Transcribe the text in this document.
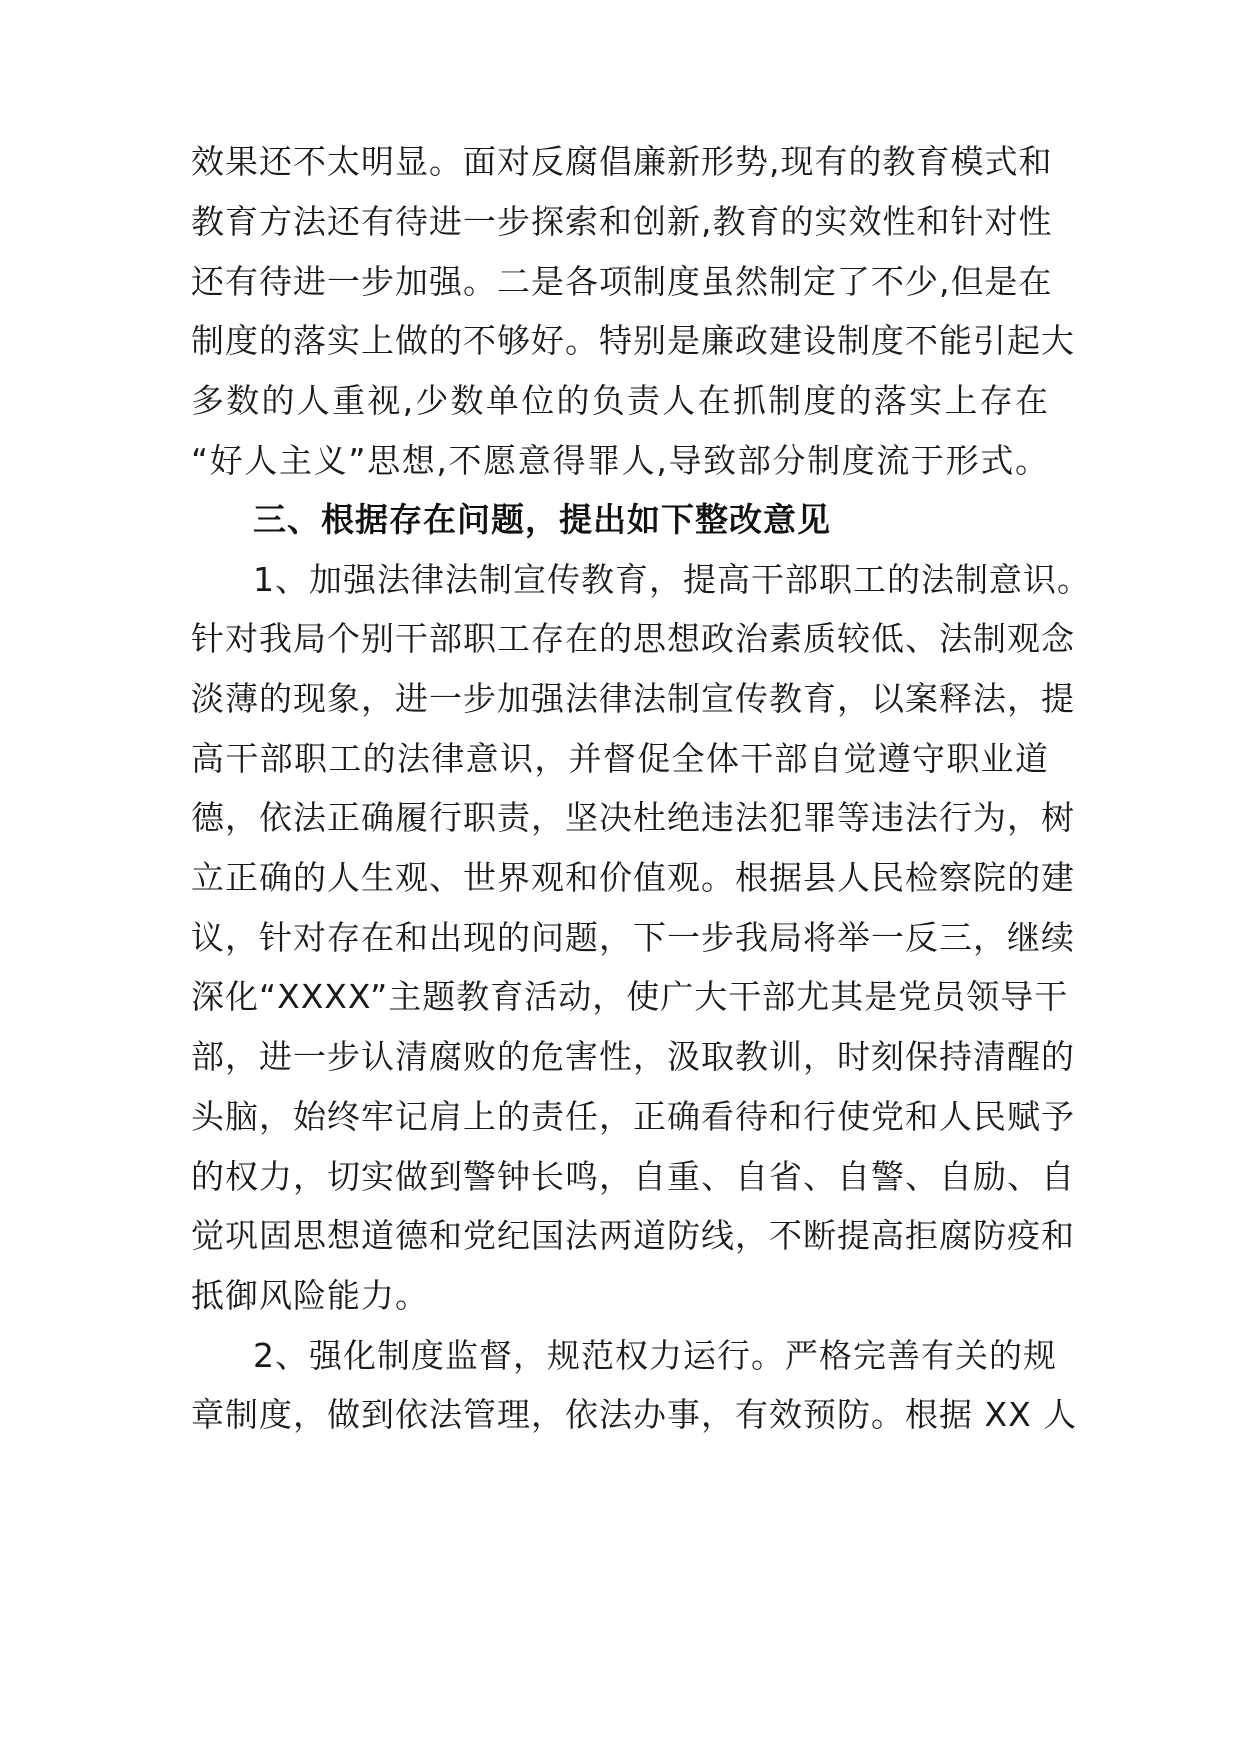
效果还不太明显。面对反腐倡廉新形势,现有的教育模式和
教育方法还有待进一步探索和创新,教育的实效性和针对性
还有待进一步加强。二是各项制度虽然制定了不少,但是在
制度的落实上做的不够好。特别是廉政建设制度不能引起大
多数的人重视,少数单位的负责人在抓制度的落实上存在
“好人主义”思想,不愿意得罪人,导致部分制度流于形式。
三、根据存在问题，提出如下整改意见
1、加强法律法制宣传教育，提高干部职工的法制意识。
针对我局个别干部职工存在的思想政治素质较低、法制观念
淡薄的现象，进一步加强法律法制宣传教育，以案释法，提
高干部职工的法律意识，并督促全体干部自觉遵守职业道
德，依法正确履行职责，坚决杜绝违法犯罪等违法行为，树
立正确的人生观、世界观和价值观。根据县人民检察院的建
议，针对存在和出现的问题，下一步我局将举一反三，继续
深化“XXXX”主题教育活动，使广大干部尤其是党员领导干
部，进一步认清腐败的危害性，汲取教训，时刻保持清醒的
头脑，始终牢记肩上的责任，正确看待和行使党和人民赋予
的权力，切实做到警钟长鸣，自重、自省、自警、自励、自
觉巩固思想道德和党纪国法两道防线，不断提高拒腐防疫和
抵御风险能力。
2、强化制度监督，规范权力运行。严格完善有关的规
章制度，做到依法管理，依法办事，有效预防。根据 XX 人
